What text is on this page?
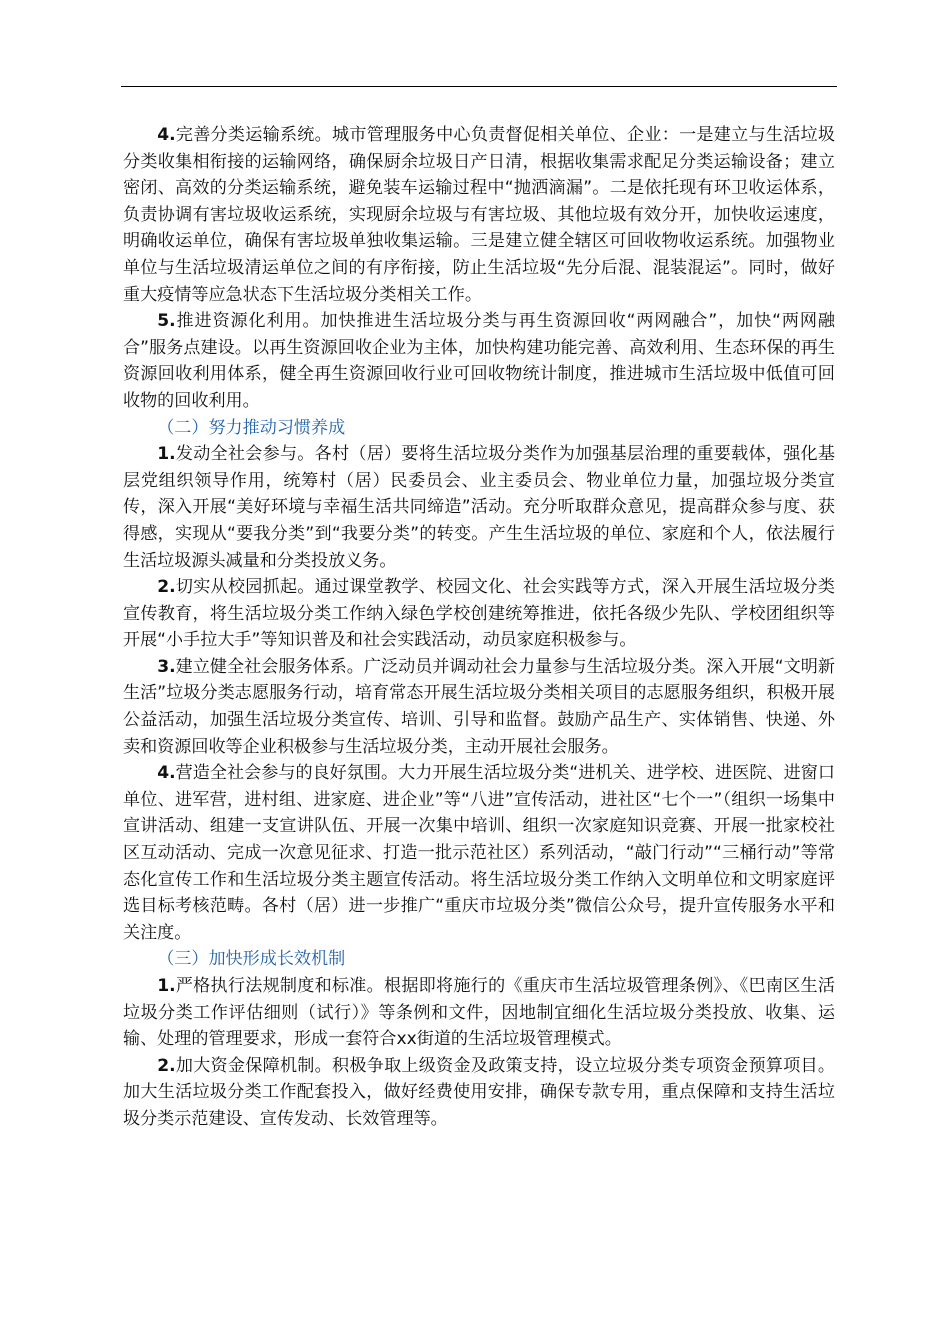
4.完善分类运输系统。城市管理服务中心负责督促相关单位、企业：一是建立与生活垃圾分类收集相衔接的运输网络，确保厨余垃圾日产日清，根据收集需求配足分类运输设备；建立密闭、高效的分类运输系统，避免装车运输过程中“抛洒滴漏”。二是依托现有环卫收运体系，负责协调有害垃圾收运系统，实现厨余垃圾与有害垃圾、其他垃圾有效分开，加快收运速度，明确收运单位，确保有害垃圾单独收集运输。三是建立健全辖区可回收物收运系统。加强物业单位与生活垃圾清运单位之间的有序衔接，防止生活垃圾“先分后混、混装混运”。同时，做好重大疫情等应急状态下生活垃圾分类相关工作。

5.推进资源化利用。加快推进生活垃圾分类与再生资源回收“两网融合”，加快“两网融合”服务点建设。以再生资源回收企业为主体，加快构建功能完善、高效利用、生态环保的再生资源回收利用体系，健全再生资源回收行业可回收物统计制度，推进城市生活垃圾中低值可回收物的回收利用。

（二）努力推动习惯养成

1.发动全社会参与。各村（居）要将生活垃圾分类作为加强基层治理的重要载体，强化基层党组织领导作用，统筹村（居）民委员会、业主委员会、物业单位力量，加强垃圾分类宣传，深入开展“美好环境与幸福生活共同缔造”活动。充分听取群众意见，提高群众参与度、获得感，实现从“要我分类”到“我要分类”的转变。产生生活垃圾的单位、家庭和个人，依法履行生活垃圾源头减量和分类投放义务。

2.切实从校园抓起。通过课堂教学、校园文化、社会实践等方式，深入开展生活垃圾分类宣传教育，将生活垃圾分类工作纳入绿色学校创建统筹推进，依托各级少先队、学校团组织等开展“小手拉大手”等知识普及和社会实践活动，动员家庭积极参与。

3.建立健全社会服务体系。广泛动员并调动社会力量参与生活垃圾分类。深入开展“文明新生活”垃圾分类志愿服务行动，培育常态开展生活垃圾分类相关项目的志愿服务组织，积极开展公益活动，加强生活垃圾分类宣传、培训、引导和监督。鼓励产品生产、实体销售、快递、外卖和资源回收等企业积极参与生活垃圾分类，主动开展社会服务。

4.营造全社会参与的良好氛围。大力开展生活垃圾分类“进机关、进学校、进医院、进窗口单位、进军营，进村组、进家庭、进企业”等“八进”宣传活动，进社区“七个一”（组织一场集中宣讲活动、组建一支宣讲队伍、开展一次集中培训、组织一次家庭知识竞赛、开展一批家校社区互动活动、完成一次意见征求、打造一批示范社区）系列活动，“敲门行动”“三桶行动”等常态化宣传工作和生活垃圾分类主题宣传活动。将生活垃圾分类工作纳入文明单位和文明家庭评选目标考核范畴。各村（居）进一步推广“重庆市垃圾分类”微信公众号，提升宣传服务水平和关注度。

（三）加快形成长效机制

1.严格执行法规制度和标准。根据即将施行的《重庆市生活垃圾管理条例》、《巴南区生活垃圾分类工作评估细则（试行）》等条例和文件，因地制宜细化生活垃圾分类投放、收集、运输、处理的管理要求，形成一套符合xx街道的生活垃圾管理模式。

2.加大资金保障机制。积极争取上级资金及政策支持，设立垃圾分类专项资金预算项目。加大生活垃圾分类工作配套投入，做好经费使用安排，确保专款专用，重点保障和支持生活垃圾分类示范建设、宣传发动、长效管理等。
